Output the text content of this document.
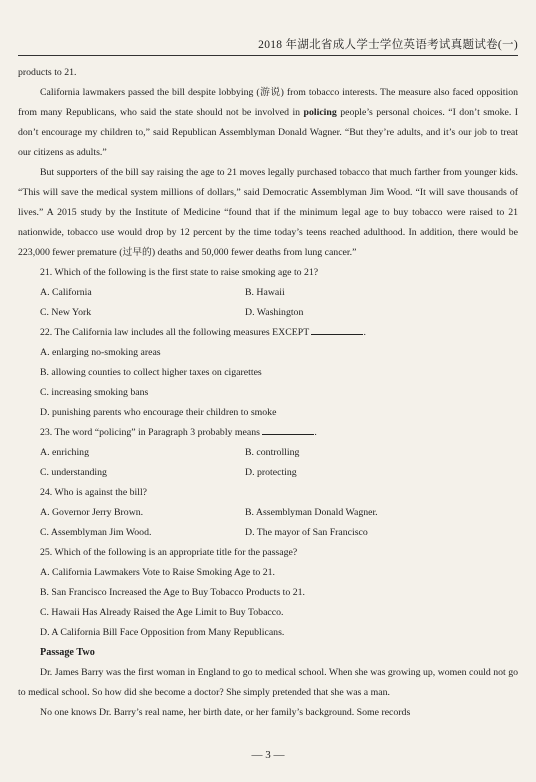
2018 年湖北省成人学士学位英语考试真题试卷(一)

products to 21.

California lawmakers passed the bill despite lobbying (游说) from tobacco interests. The measure also faced opposition from many Republicans, who said the state should not be involved in policing people’s personal choices. “I don’t smoke. I don’t encourage my children to,” said Republican Assemblyman Donald Wagner. “But they’re adults, and it’s our job to treat our citizens as adults.”

But supporters of the bill say raising the age to 21 moves legally purchased tobacco that much farther from younger kids. “This will save the medical system millions of dollars,” said Democratic Assemblyman Jim Wood. “It will save thousands of lives.” A 2015 study by the Institute of Medicine “found that if the minimum legal age to buy tobacco were raised to 21 nationwide, tobacco use would drop by 12 percent by the time today’s teens reached adulthood. In addition, there would be 223,000 fewer premature (过早的) deaths and 50,000 fewer deaths from lung cancer.”

21. Which of the following is the first state to raise smoking age to 21?

A. California	B. Hawaii
C. New York	D. Washington

22. The California law includes all the following measures EXCEPT	.

A. enlarging no-smoking areas

B. allowing counties to collect higher taxes on cigarettes

C. increasing smoking bans

D. punishing parents who encourage their children to smoke

23. The word “policing” in Paragraph 3 probably means	.

A. enriching	B. controlling
C. understanding	D. protecting

24. Who is against the bill?

A. Governor Jerry Brown.	B. Assemblyman Donald Wagner.
C. Assemblyman Jim Wood.	D. The mayor of San Francisco

25. Which of the following is an appropriate title for the passage?

A. California Lawmakers Vote to Raise Smoking Age to 21.

B. San Francisco Increased the Age to Buy Tobacco Products to 21.

C. Hawaii Has Already Raised the Age Limit to Buy Tobacco.

D. A California Bill Face Opposition from Many Republicans.

Passage Two

Dr. James Barry was the first woman in England to go to medical school. When she was growing up, women could not go to medical school. So how did she become a doctor? She simply pretended that she was a man.

No one knows Dr. Barry’s real name, her birth date, or her family’s background. Some records

— 3 —
